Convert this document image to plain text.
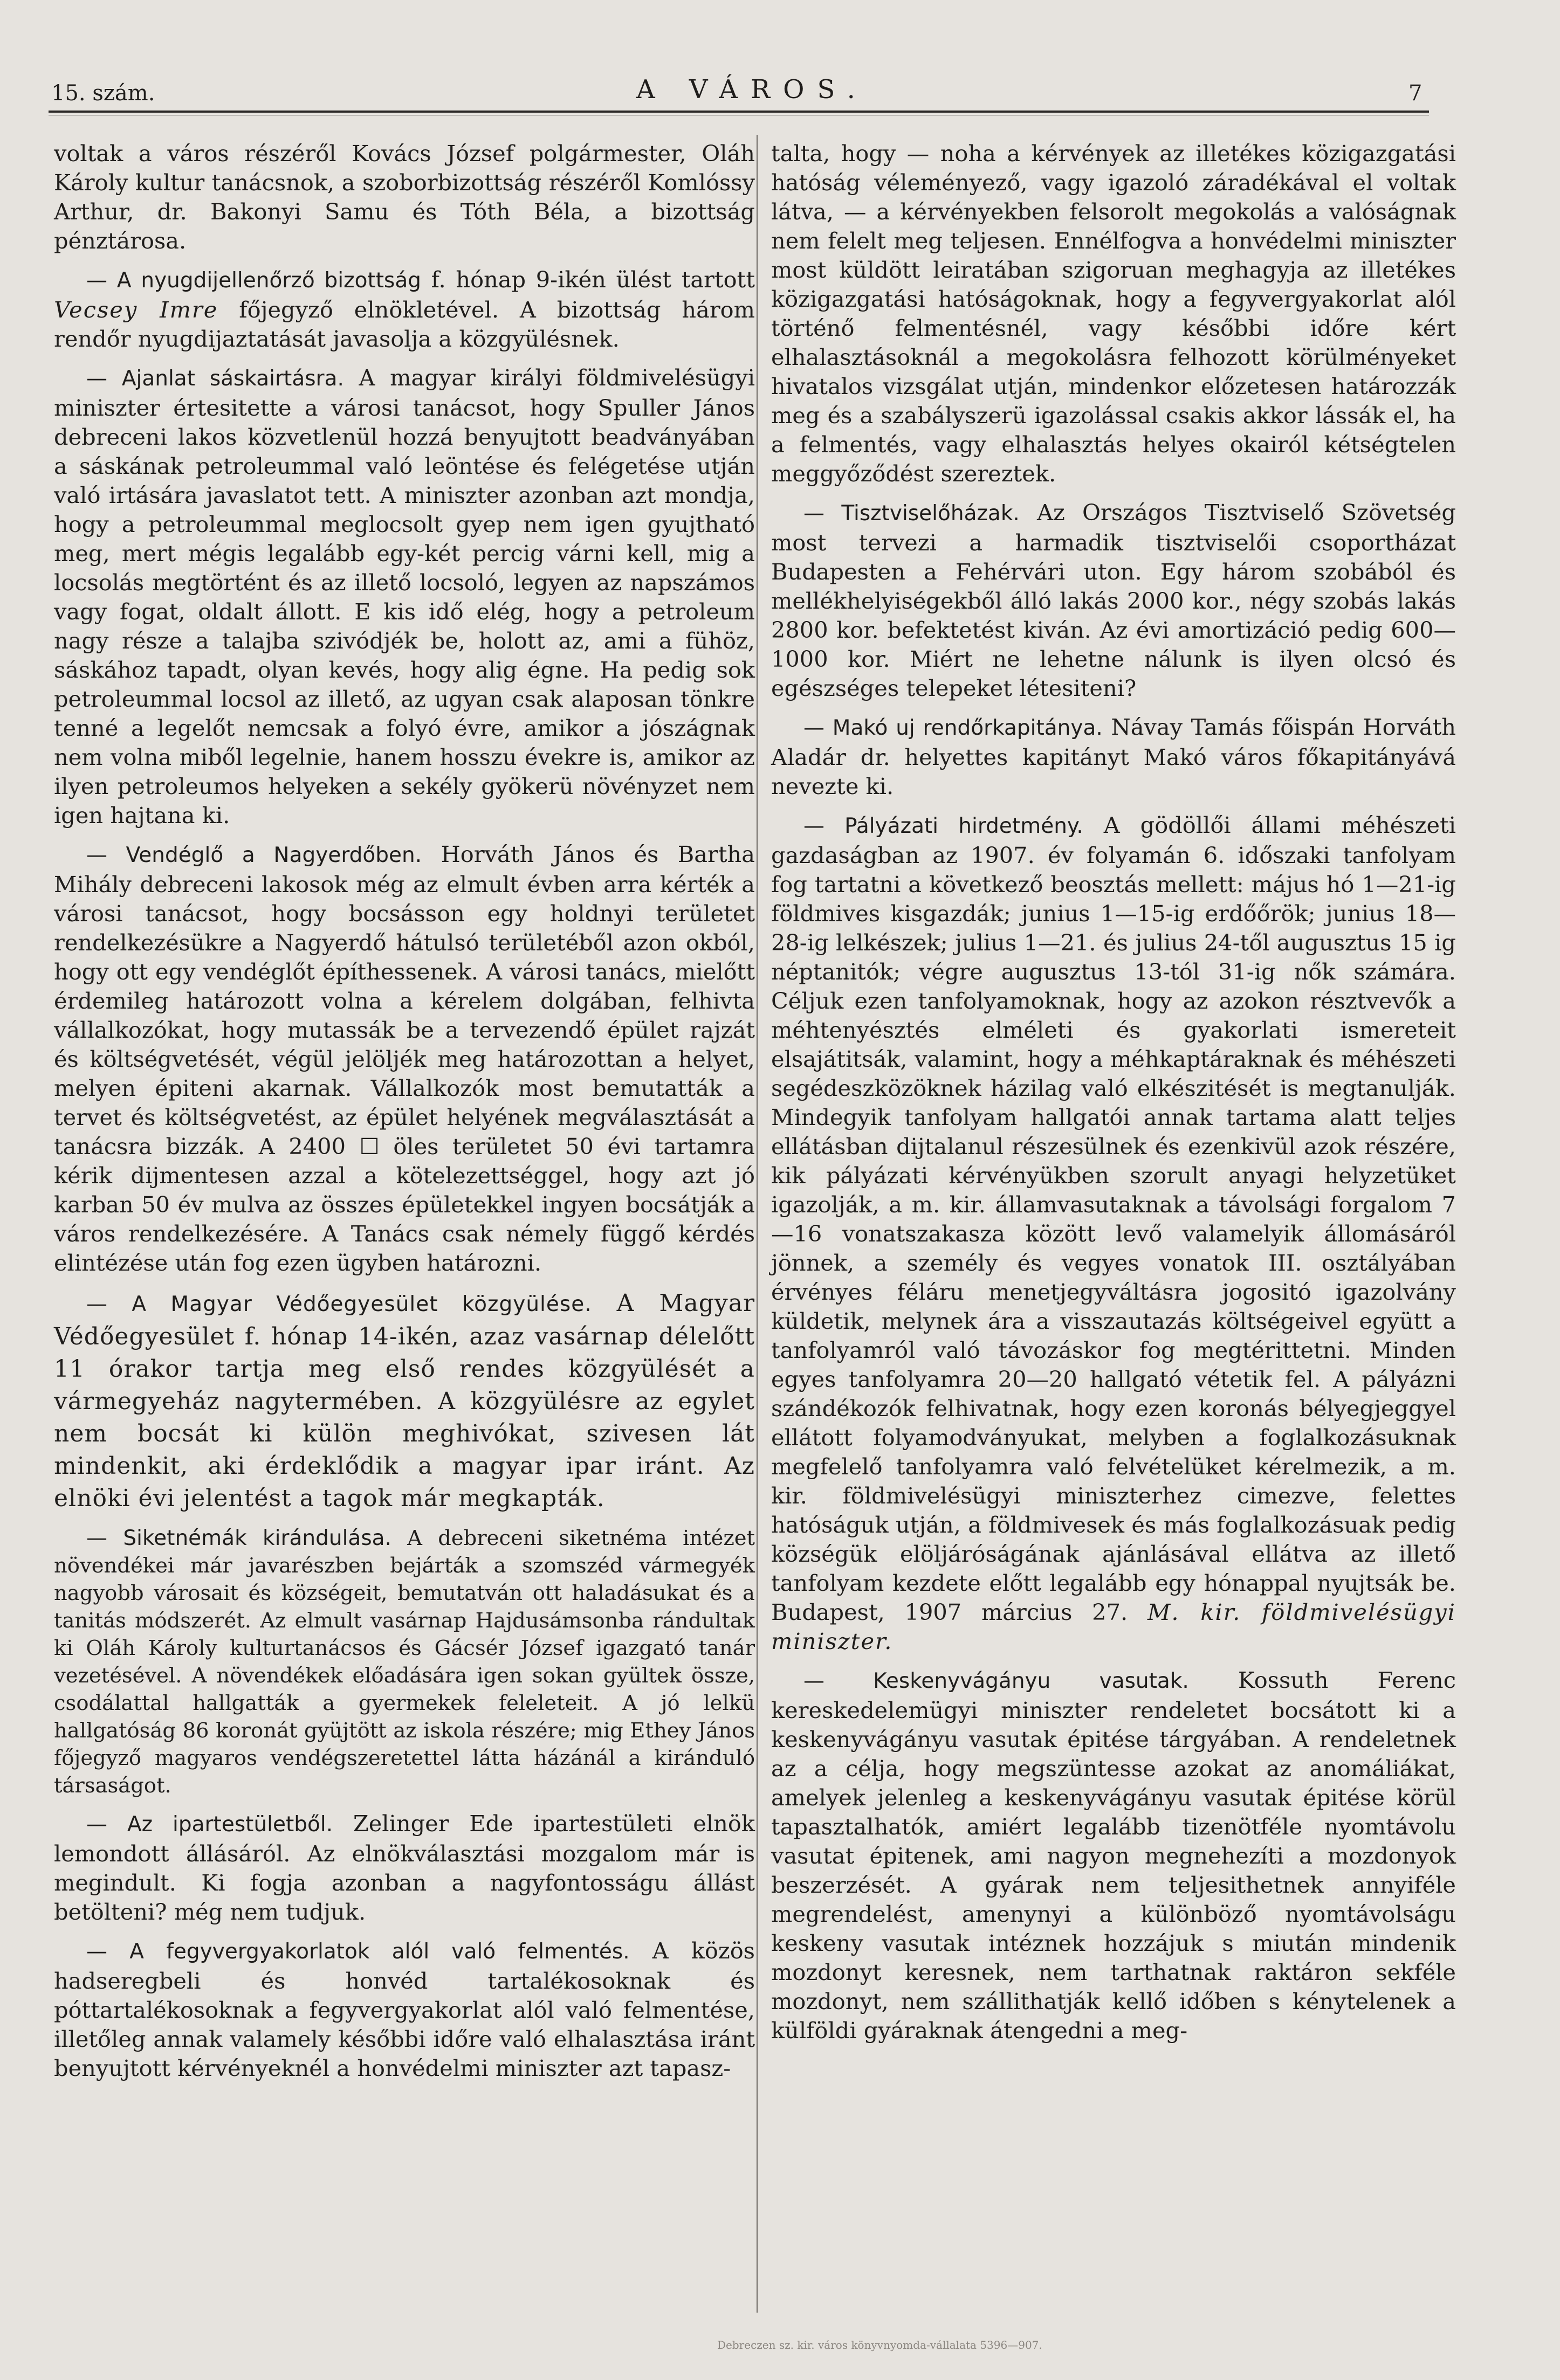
15. szám.	A VÁROS.	7

voltak a város részéről Kovács József polgármester, Oláh Károly kultur tanácsnok, a szoborbizottság részéről Komlóssy Arthur, dr. Bakonyi Samu és Tóth Béla, a bizottság pénztárosa.

— A nyugdijellenőrző bizottság f. hónap 9-ikén ülést tartott Vecsey Imre főjegyző elnökletével. A bizottság három rendőr nyugdijaztatását javasolja a közgyülésnek.

— Ajanlat sáskairtásra. A magyar királyi földmivelésügyi miniszter értesitette a városi tanácsot, hogy Spuller János debreceni lakos közvetlenül hozzá benyujtott beadványában a sáskának petroleummal való leöntése és felégetése utján való irtására javaslatot tett. A miniszter azonban azt mondja, hogy a petroleummal meglocsolt gyep nem igen gyujtható meg, mert mégis legalább egy-két percig várni kell, mig a locsolás megtörtént és az illető locsoló, legyen az napszámos vagy fogat, oldalt állott. E kis idő elég, hogy a petroleum nagy része a talajba szivódjék be, holott az, ami a fühöz, sáskához tapadt, olyan kevés, hogy alig égne. Ha pedig sok petroleummal locsol az illető, az ugyan csak alaposan tönkre tenné a legelőt nemcsak a folyó évre, amikor a jószágnak nem volna miből legelnie, hanem hosszu évekre is, amikor az ilyen petroleumos helyeken a sekély gyökerü növényzet nem igen hajtana ki.

— Vendéglő a Nagyerdőben. Horváth János és Bartha Mihály debreceni lakosok még az elmult évben arra kérték a városi tanácsot, hogy bocsásson egy holdnyi területet rendelkezésükre a Nagyerdő hátulsó területéből azon okból, hogy ott egy vendéglőt építhessenek. A városi tanács, mielőtt érdemileg határozott volna a kérelem dolgában, felhivta vállalkozókat, hogy mutassák be a tervezendő épület rajzát és költségvetését, végül jelöljék meg határozottan a helyet, melyen épiteni akarnak. Vállalkozók most bemutatták a tervet és költségvetést, az épület helyének megválasztását a tanácsra bizzák. A 2400 ☐ öles területet 50 évi tartamra kérik dijmentesen azzal a kötelezettséggel, hogy azt jó karban 50 év mulva az összes épületekkel ingyen bocsátják a város rendelkezésére. A Tanács csak némely függő kérdés elintézése után fog ezen ügyben határozni.

— A Magyar Védőegyesület közgyülése. A Magyar Védőegyesület f. hónap 14-ikén, azaz vasárnap délelőtt 11 órakor tartja meg első rendes közgyülését a vármegyeház nagytermében. A közgyülésre az egylet nem bocsát ki külön meghivókat, szivesen lát mindenkit, aki érdeklődik a magyar ipar iránt. Az elnöki évi jelentést a tagok már megkapták.

— Siketnémák kirándulása. A debreceni siketnéma intézet növendékei már javarészben bejárták a szomszéd vármegyék nagyobb városait és községeit, bemutatván ott haladásukat és a tanitás módszerét. Az elmult vasárnap Hajdusámsonba rándultak ki Oláh Károly kulturtanácsos és Gácsér József igazgató tanár vezetésével. A növendékek előadására igen sokan gyültek össze, csodálattal hallgatták a gyermekek feleleteit. A jó lelkü hallgatóság 86 koronát gyüjtött az iskola részére; mig Ethey János főjegyző magyaros vendégszeretettel látta házánál a kiránduló társaságot.

— Az ipartestületből. Zelinger Ede ipartestületi elnök lemondott állásáról. Az elnökválasztási mozgalom már is megindult. Ki fogja azonban a nagyfontosságu állást betölteni? még nem tudjuk.

— A fegyvergyakorlatok alól való felmentés. A közös hadseregbeli és honvéd tartalékosoknak és póttartalékosoknak a fegyvergyakorlat alól való felmentése, illetőleg annak valamely későbbi időre való elhalasztása iránt benyujtott kérvényeknél a honvédelmi miniszter azt tapasz-

talta, hogy — noha a kérvények az illetékes közigazgatási hatóság véleményező, vagy igazoló záradékával el voltak látva, — a kérvényekben felsorolt megokolás a valóságnak nem felelt meg teljesen. Ennélfogva a honvédelmi miniszter most küldött leiratában szigoruan meghagyja az illetékes közigazgatási hatóságoknak, hogy a fegyvergyakorlat alól történő felmentésnél, vagy későbbi időre kért elhalasztásoknál a megokolásra felhozott körülményeket hivatalos vizsgálat utján, mindenkor előzetesen határozzák meg és a szabályszerü igazolással csakis akkor lássák el, ha a felmentés, vagy elhalasztás helyes okairól kétségtelen meggyőződést szereztek.

— Tisztviselőházak. Az Országos Tisztviselő Szövetség most tervezi a harmadik tisztviselői csoportházat Budapesten a Fehérvári uton. Egy három szobából és mellékhelyiségekből álló lakás 2000 kor., négy szobás lakás 2800 kor. befektetést kiván. Az évi amortizáció pedig 600—1000 kor. Miért ne lehetne nálunk is ilyen olcsó és egészséges telepeket létesiteni?

— Makó uj rendőrkapitánya. Návay Tamás főispán Horváth Aladár dr. helyettes kapitányt Makó város főkapitányává nevezte ki.

— Pályázati hirdetmény. A gödöllői állami méhészeti gazdaságban az 1907. év folyamán 6. időszaki tanfolyam fog tartatni a következő beosztás mellett: május hó 1—21-ig földmives kisgazdák; junius 1—15-ig erdőőrök; junius 18—28-ig lelkészek; julius 1—21. és julius 24-től augusztus 15 ig néptanitók; végre augusztus 13-tól 31-ig nők számára. Céljuk ezen tanfolyamoknak, hogy az azokon résztvevők a méhtenyésztés elméleti és gyakorlati ismereteit elsajátitsák, valamint, hogy a méhkaptáraknak és méhészeti segédeszközöknek házilag való elkészitését is megtanulják. Mindegyik tanfolyam hallgatói annak tartama alatt teljes ellátásban dijtalanul részesülnek és ezenkivül azok részére, kik pályázati kérvényükben szorult anyagi helyzetüket igazolják, a m. kir. államvasutaknak a távolsági forgalom 7—16 vonatszakasza között levő valamelyik állomásáról jönnek, a személy és vegyes vonatok III. osztályában érvényes féláru menetjegyváltásra jogositó igazolvány küldetik, melynek ára a visszautazás költségeivel együtt a tanfolyamról való távozáskor fog megtérittetni. Minden egyes tanfolyamra 20—20 hallgató vétetik fel. A pályázni szándékozók felhivatnak, hogy ezen koronás bélyegjeggyel ellátott folyamodványukat, melyben a foglalkozásuknak megfelelő tanfolyamra való felvételüket kérelmezik, a m. kir. földmivelésügyi miniszterhez cimezve, felettes hatóságuk utján, a földmivesek és más foglalkozásuak pedig községük elöljáróságának ajánlásával ellátva az illető tanfolyam kezdete előtt legalább egy hónappal nyujtsák be. Budapest, 1907 március 27. M. kir. földmivelésügyi miniszter.

— Keskenyvágányu vasutak. Kossuth Ferenc kereskedelemügyi miniszter rendeletet bocsátott ki a keskenyvágányu vasutak épitése tárgyában. A rendeletnek az a célja, hogy megszüntesse azokat az anomáliákat, amelyek jelenleg a keskenyvágányu vasutak épitése körül tapasztalhatók, amiért legalább tizenötféle nyomtávolu vasutat épitenek, ami nagyon megnehezíti a mozdonyok beszerzését. A gyárak nem teljesithetnek annyiféle megrendelést, amenynyi a különböző nyomtávolságu keskeny vasutak intéznek hozzájuk s miután mindenik mozdonyt keresnek, nem tarthatnak raktáron sekféle mozdonyt, nem szállithatják kellő időben s kénytelenek a külföldi gyáraknak átengedni a meg-

Debreczen sz. kir. város könyvnyomda-vállalata 5396—907.
